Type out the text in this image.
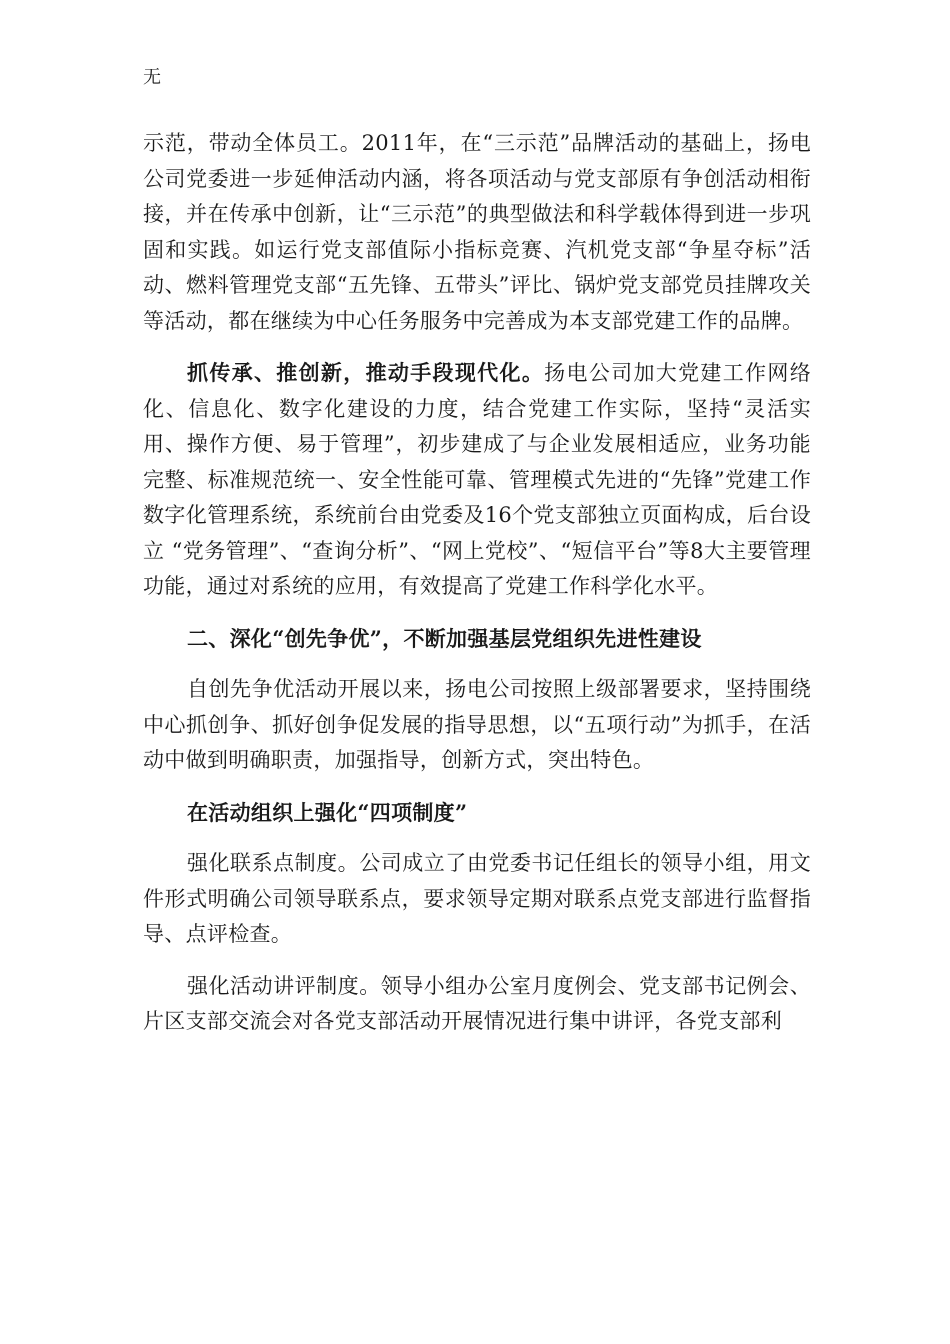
无

示范，带动全体员工。2011年，在“三示范”品牌活动的基础上，扬电公司党委进一步延伸活动内涵，将各项活动与党支部原有争创活动相衔接，并在传承中创新，让“三示范”的典型做法和科学载体得到进一步巩固和实践。如运行党支部值际小指标竞赛、汽机党支部“争星夺标”活动、燃料管理党支部“五先锋、五带头”评比、锅炉党支部党员挂牌攻关等活动，都在继续为中心任务服务中完善成为本支部党建工作的品牌。

抓传承、推创新，推动手段现代化。扬电公司加大党建工作网络化、信息化、数字化建设的力度，结合党建工作实际，坚持“灵活实用、操作方便、易于管理”，初步建成了与企业发展相适应，业务功能完整、标准规范统一、安全性能可靠、管理模式先进的“先锋”党建工作数字化管理系统，系统前台由党委及16个党支部独立页面构成，后台设立 “党务管理”、“查询分析”、“网上党校”、“短信平台”等8大主要管理功能，通过对系统的应用，有效提高了党建工作科学化水平。

二、深化“创先争优”，不断加强基层党组织先进性建设

自创先争优活动开展以来，扬电公司按照上级部署要求，坚持围绕中心抓创争、抓好创争促发展的指导思想，以“五项行动”为抓手，在活动中做到明确职责，加强指导，创新方式，突出特色。

在活动组织上强化“四项制度”

强化联系点制度。公司成立了由党委书记任组长的领导小组，用文件形式明确公司领导联系点，要求领导定期对联系点党支部进行监督指导、点评检查。

强化活动讲评制度。领导小组办公室月度例会、党支部书记例会、片区支部交流会对各党支部活动开展情况进行集中讲评，各党支部利
